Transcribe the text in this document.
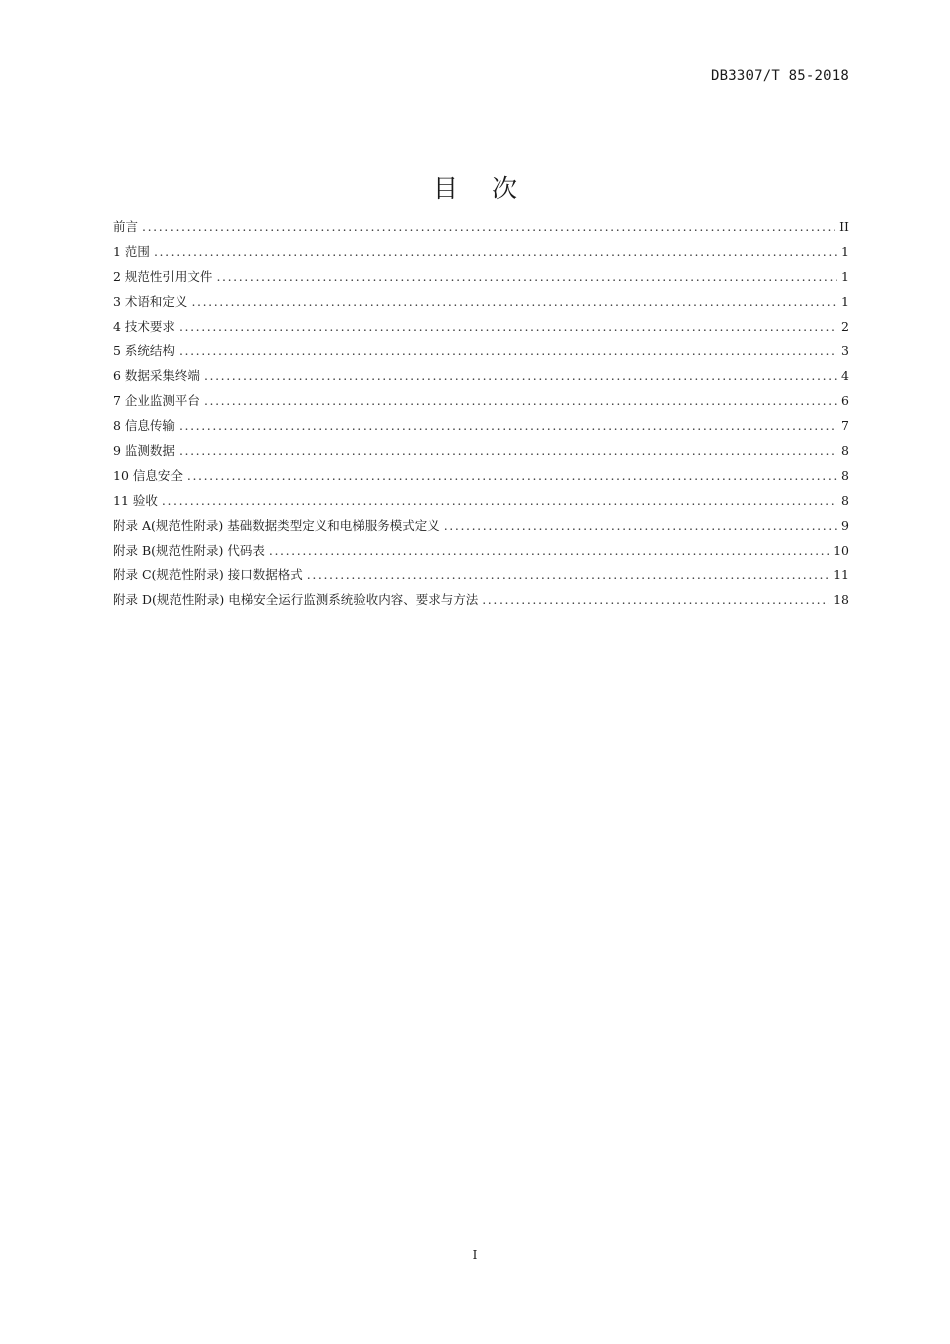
DB3307/T 85-2018
目次
前言 .....	II
1 范围 .....	1
2 规范性引用文件 .....	1
3 术语和定义 .....	1
4 技术要求 .....	2
5 系统结构 .....	3
6 数据采集终端 .....	4
7 企业监测平台 .....	6
8 信息传输 .....	7
9 监测数据 .....	8
10 信息安全 .....	8
11 验收 .....	8
附录 A(规范性附录) 基础数据类型定义和电梯服务模式定义 .....	9
附录 B(规范性附录) 代码表 .....	10
附录 C(规范性附录) 接口数据格式 .....	11
附录 D(规范性附录) 电梯安全运行监测系统验收内容、要求与方法 .....	18
I
